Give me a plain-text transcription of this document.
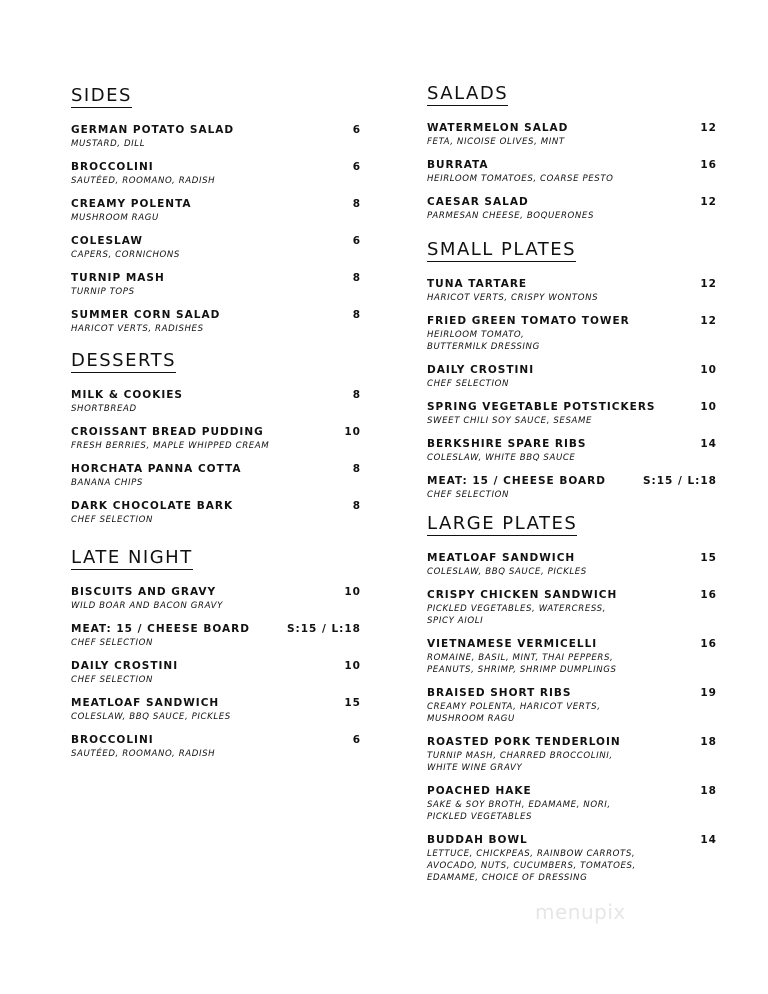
SIDES
GERMAN POTATO SALAD	6
MUSTARD, DILL
BROCCOLINI	6
SAUTÉED, ROOMANO, RADISH
CREAMY POLENTA	8
MUSHROOM RAGU
COLESLAW	6
CAPERS, CORNICHONS
TURNIP MASH	8
TURNIP TOPS
SUMMER CORN SALAD	8
HARICOT VERTS, RADISHES
DESSERTS
MILK & COOKIES	8
SHORTBREAD
CROISSANT BREAD PUDDING	10
FRESH BERRIES, MAPLE WHIPPED CREAM
HORCHATA PANNA COTTA	8
BANANA CHIPS
DARK CHOCOLATE BARK	8
CHEF SELECTION
LATE NIGHT
BISCUITS AND GRAVY	10
WILD BOAR AND BACON GRAVY
MEAT: 15 / CHEESE BOARD	S:15 / L:18
CHEF SELECTION
DAILY CROSTINI	10
CHEF SELECTION
MEATLOAF SANDWICH	15
COLESLAW, BBQ SAUCE, PICKLES
BROCCOLINI	6
SAUTÉED, ROOMANO, RADISH
SALADS
WATERMELON SALAD	12
FETA, NICOISE OLIVES, MINT
BURRATA	16
HEIRLOOM TOMATOES, COARSE PESTO
CAESAR SALAD	12
PARMESAN CHEESE, BOQUERONES
SMALL PLATES
TUNA TARTARE	12
HARICOT VERTS, CRISPY WONTONS
FRIED GREEN TOMATO TOWER	12
HEIRLOOM TOMATO,
BUTTERMILK DRESSING
DAILY CROSTINI	10
CHEF SELECTION
SPRING VEGETABLE POTSTICKERS	10
SWEET CHILI SOY SAUCE, SESAME
BERKSHIRE SPARE RIBS	14
COLESLAW, WHITE BBQ SAUCE
MEAT: 15 / CHEESE BOARD	S:15 / L:18
CHEF SELECTION
LARGE PLATES
MEATLOAF SANDWICH	15
COLESLAW, BBQ SAUCE, PICKLES
CRISPY CHICKEN SANDWICH	16
PICKLED VEGETABLES, WATERCRESS,
SPICY AIOLI
VIETNAMESE VERMICELLI	16
ROMAINE, BASIL, MINT, THAI PEPPERS,
PEANUTS, SHRIMP, SHRIMP DUMPLINGS
BRAISED SHORT RIBS	19
CREAMY POLENTA, HARICOT VERTS,
MUSHROOM RAGU
ROASTED PORK TENDERLOIN	18
TURNIP MASH, CHARRED BROCCOLINI,
WHITE WINE GRAVY
POACHED HAKE	18
SAKE & SOY BROTH, EDAMAME, NORI,
PICKLED VEGETABLES
BUDDAH BOWL	14
LETTUCE, CHICKPEAS, RAINBOW CARROTS,
AVOCADO, NUTS, CUCUMBERS, TOMATOES,
EDAMAME, CHOICE OF DRESSING
menupix
